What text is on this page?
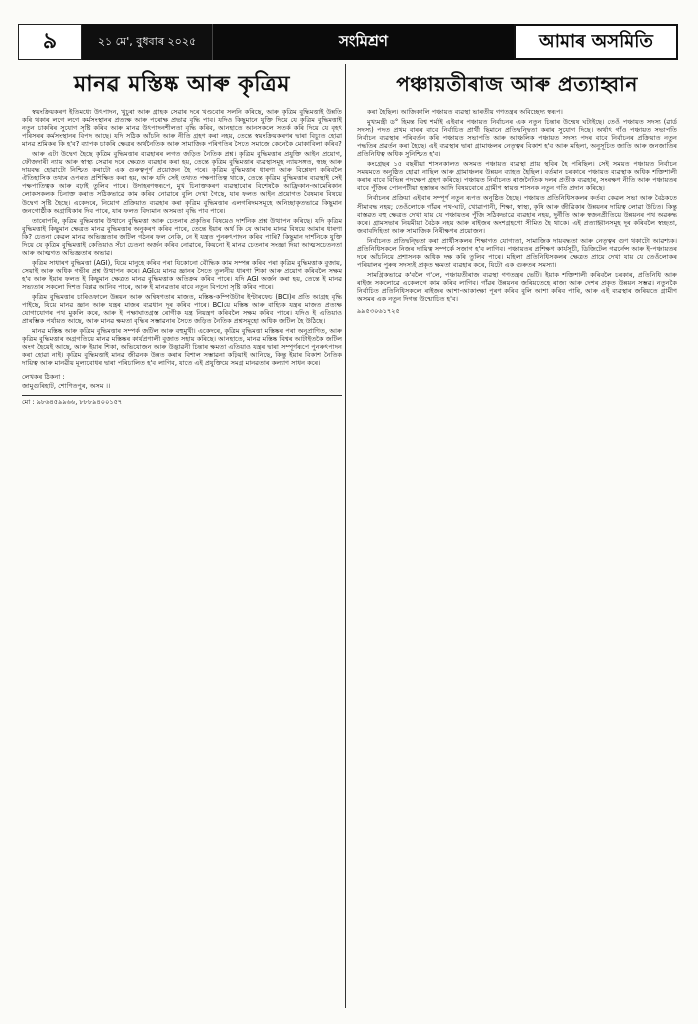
৯	২১ মে', বুধবাৰ ২০২৫	সংমিশ্ৰণ	আমাৰ অসমিতি
মানৱ মস্তিষ্ক আৰু কৃত্ৰিম

স্বয়ংক্ৰিয়কৰণ ইতিমধ্যে উৎপাদন, খুচুৰা আৰু গ্ৰাহক সেৱাৰ দৰে খণ্ডবোৰ সলনি কৰিছে, আৰু কৃত্ৰিম বুদ্ধিমত্তাই উন্নতি কৰি থকাৰ লগে লগে কৰ্মসংস্থানৰ প্ৰত্যক্ষ আৰু পৰোক্ষ প্ৰভাৱ বৃদ্ধি পাব। যদিও কিছুমানে যুক্তি দিয়ে যে কৃত্ৰিম বুদ্ধিমত্তাই নতুন চাকৰিৰ সুযোগ সৃষ্টি কৰিব আৰু মানৱ উৎপাদনশীলতা বৃদ্ধি কৰিব, আনহাতে আনসকলে সতৰ্ক কৰি দিয়ে যে বৃহৎ পৰিসৰৰ কৰ্মসংস্থানৰ বিপদ আছে। যদি সঠিক আঁচনি আৰু নীতি গ্ৰহণ কৰা নহয়, তেন্তে স্বয়ংক্ৰিয়কৰণৰ দ্বাৰা বিচ্যুত হোৱা মানৱ শ্ৰমিকৰ কি হ'ব? ব্যাপক চাকৰি ক্ষেত্ৰৰ অৰ্থনৈতিক আৰু সামাজিক পৰিণতিৰ সৈতে সমাজে কেনেকৈ মোকাবিলা কৰিব?

আৰু এটা উদ্বেগ হৈছে কৃত্ৰিম বুদ্ধিমত্তাৰ ব্যৱহাৰৰ লগত জড়িত নৈতিক প্ৰশ্ন। কৃত্ৰিম বুদ্ধিমত্তাৰ প্ৰযুক্তি আইন প্ৰয়োগ, ফৌজদাৰী ন্যায় আৰু স্বাস্থ্য সেৱাৰ দৰে ক্ষেত্ৰত ব্যৱহাৰ কৰা হয়, তেন্তে কৃত্ৰিম বুদ্ধিমত্তাৰ ব্যৱস্থাসমূহ ন্যায়সঙ্গত, স্বচ্ছ আৰু দায়বদ্ধ হোৱাটো নিশ্চিত কৰাটো এক গুৰুত্বপূৰ্ণ প্ৰয়োজন হৈ পৰে। কৃত্ৰিম বুদ্ধিমত্তাৰ ধাৰণা আৰু বিশ্লেষণ কৰিবলৈ ঐতিহাসিক তথ্যৰ ওপৰত প্ৰশিক্ষিত কৰা হয়, আৰু যদি সেই তথ্যত পক্ষপাতিত্ব থাকে, তেন্তে কৃত্ৰিম বুদ্ধিমত্তাৰ ব্যৱস্থাই সেই পক্ষপাতিত্বক আৰু বঢ়াই তুলিব পাৰে। উদাহৰণস্বৰূপে, মুখ চিনাক্তকৰণ ব্যৱস্থাবোৰ বিশেষকৈ আফ্ৰিকান-আমেৰিকান লোকসকলক চিনাক্ত কৰাত সঠিকভাৱে কাম কৰিব নোৱাৰে বুলি দেখা গৈছে, যাৰ ফলত আইন প্ৰয়োগত বৈষম্যৰ বিষয়ে উদ্বেগ সৃষ্টি হৈছে। একেদৰে, নিয়োগ প্ৰক্ৰিয়াত ব্যৱহাৰ কৰা কৃত্ৰিম বুদ্ধিমত্তাৰ এলগৰিদমসমূহে অনিচ্ছাকৃতভাৱে কিছুমান জনগোষ্ঠীক অগ্ৰাধিকাৰ দিব পাৰে, যাৰ ফলত বিদ্যমান অসমতা বৃদ্ধি পাব পাৰে।

তাৰোপৰি, কৃত্ৰিম বুদ্ধিমত্তাৰ উত্থানে বুদ্ধিমত্তা আৰু চেতনাৰ প্ৰকৃতিৰ বিষয়েও দাৰ্শনিক প্ৰশ্ন উত্থাপন কৰিছে। যদি কৃত্ৰিম বুদ্ধিমত্তাই কিছুমান ক্ষেত্ৰত মানৱ বুদ্ধিমত্তাৰ অনুকৰণ কৰিব পাৰে, তেন্তে ইয়াৰ অৰ্থ কি যে আমাৰ মানৱ বিষয়ে আমাৰ ধাৰণা কি? চেতনা কেৱল মানৱ অভিজ্ঞতাৰ জটিল গঠনৰ ফল নেকি, নে ই যন্ত্ৰত পুনৰুৎপাদন কৰিব পাৰি? কিছুমান দাৰ্শনিকে যুক্তি দিয়ে যে কৃত্ৰিম বুদ্ধিমত্তাই কেতিয়াও সঁচা চেতনা অৰ্জন কৰিব নোৱাৰে, কিয়নো ই মানৱ চেতনাৰ সংজ্ঞা দিয়া আত্মসচেতনতা আৰু আত্মগত অভিজ্ঞতাৰ অভাৱ।

কৃত্ৰিম সাধাৰণ বুদ্ধিমত্তা (AGI), যিয়ে মানুহে কৰিব পৰা যিকোনো বৌদ্ধিক কাম সম্পন্ন কৰিব পৰা কৃত্ৰিম বুদ্ধিমত্তাক বুজায়, সেয়াই আৰু অধিক গভীৰ প্ৰশ্ন উত্থাপন কৰে। AGIয়ে মানৱ জ্ঞানৰ সৈতে তুলনীয় ধাৰণা শিকা আৰু প্ৰয়োগ কৰিবলৈ সক্ষম হ'ব আৰু ইয়াৰ ফলত ই কিছুমান ক্ষেত্ৰত মানৱ বুদ্ধিমত্তাক অতিক্ৰম কৰিব পাৰে। যদি AGI অৰ্জন কৰা হয়, তেন্তে ই মানৱ সভ্যতাৰ সকলো দিশত বিপ্লৱ আনিব পাৰে, আৰু ই মানৱতাৰ বাবে নতুন বিপদো সৃষ্টি কৰিব পাৰে।

কৃত্ৰিম বুদ্ধিমত্তাৰ চাৰিওফালে উন্নয়ন আৰু অন্বিষণতাৰ মাজত, মস্তিষ্ক-কম্পিউটাৰ ইণ্টাৰফেচ (BCI)ৰ প্ৰতি আগ্ৰহ বৃদ্ধি পাইছে, যিয়ে মানৱ জ্ঞান আৰু যন্ত্ৰৰ মাজৰ ব্যৱধান দূৰ কৰিব পাৰে। BCIয়ে মস্তিষ্ক আৰু বাহ্যিক যন্ত্ৰৰ মাজত প্ৰত্যক্ষ যোগাযোগৰ পথ মুকলি কৰে, আৰু ই পক্ষাঘাতগ্ৰস্ত ৰোগীক যন্ত্ৰ নিয়ন্ত্ৰণ কৰিবলৈ সক্ষম কৰিব পাৰে। যদিও ই এতিয়াও প্ৰাৰম্ভিক পৰ্যায়ত আছে, আৰু মানৱ ক্ষমতা বৃদ্ধিৰ সম্ভাৱনাৰ সৈতে জড়িত নৈতিক প্ৰশ্নসমূহো অধিক জটিল হৈ উঠিছে।

মানৱ মস্তিষ্ক আৰু কৃত্ৰিম বুদ্ধিমত্তাৰ সম্পৰ্ক জটিল আৰু বহুমুখী। একেদৰে, কৃত্ৰিম বুদ্ধিমত্তা মস্তিষ্কৰ পৰা অনুপ্ৰাণিত, আৰু কৃত্ৰিম বুদ্ধিমত্তাৰ অগ্ৰগতিয়ে মানৱ মস্তিষ্কৰ কাৰ্যপ্ৰণালী বুজাত সহায় কৰিছে। আনহাতে, মানৱ মস্তিষ্ক বিশ্বৰ আটাইতকৈ জটিল অংগ হৈয়েই আছে, আৰু ইয়াৰ শিকা, অভিযোজন আৰু উদ্ভাৱনী চিন্তাৰ ক্ষমতা এতিয়াও যন্ত্ৰৰ দ্বাৰা সম্পূৰ্ণৰূপে পুনৰুৎপাদন কৰা হোৱা নাই। কৃত্ৰিম বুদ্ধিমত্তাই মানৱ জীৱনক উন্নত কৰাৰ বিশাল সম্ভাৱনা কঢ়িয়াই আনিছে, কিন্তু ইয়াৰ বিকাশ নৈতিক দায়িত্ব আৰু মানৱীয় মূল্যবোধৰ দ্বাৰা পৰিচালিত হ'ব লাগিব, যাতে এই প্ৰযুক্তিয়ে সমগ্ৰ মানৱতাৰ কল্যাণ সাধন কৰে।

লেখকৰ ঠিকনা :
জামুগুৰিহাট, শোণিতপুৰ, অসম ।।
মো : ৯৮৬৪৫৯৯৬৬, ৮৮৮৯৪০০১৫৭
পঞ্চায়তীৰাজ আৰু প্ৰত্যাহ্বান

কৰা হৈছিল। আজিকালি পঞ্চায়ত ব্যৱস্থা ভাৰতীয় গণতন্ত্ৰৰ অবিচ্ছেদ্য স্বৰূপ।

মুখ্যমন্ত্ৰী ড° হিমন্ত বিশ্ব শৰ্মাই এইবাৰ পঞ্চায়ত নিৰ্বাচনৰ এক নতুন চিন্তাৰ উন্মেষ ঘটাইছে। তেওঁ পঞ্চায়ত সদস্য (ৱাৰ্ড সদস্য) পদত প্ৰথম বাৰৰ বাবে নিৰ্বাচিত প্ৰাৰ্থী ছিমানে প্ৰতিদ্বন্দ্বিতা কৰাৰ সুযোগ দিছে। অৰ্থাৎ গাঁও পঞ্চায়ত সভাপতি নিৰ্বাচন ব্যৱস্থাৰ পৰিবৰ্তন কৰি পঞ্চায়ত সভাপতি আৰু আঞ্চলিক পঞ্চায়ত সদস্য পদৰ বাবে নিৰ্বাচনৰ প্ৰক্ৰিয়াত নতুন পদ্ধতিৰ প্ৰৱৰ্তন কৰা হৈছে। এই ব্যৱস্থাৰ দ্বাৰা গ্ৰামাঞ্চলৰ নেতৃত্বৰ বিকাশ হ'ব আৰু মহিলা, অনুসূচিত জাতি আৰু জনজাতিৰ প্ৰতিনিধিত্ব অধিক সুনিশ্চিত হ'ব।

কংগ্ৰেছৰ ১৫ বছৰীয়া শাসনকালত অসমত পঞ্চায়ত ব্যৱস্থা প্ৰায় স্থবিৰ হৈ পৰিছিল। সেই সময়ত পঞ্চায়ত নিৰ্বাচন সময়মতে অনুষ্ঠিত হোৱা নাছিল আৰু গ্ৰামাঞ্চলৰ উন্নয়ন ব্যাহত হৈছিল। বৰ্তমান চৰকাৰে পঞ্চায়ত ব্যৱস্থাক অধিক শক্তিশালী কৰাৰ বাবে বিভিন্ন পদক্ষেপ গ্ৰহণ কৰিছে। পঞ্চায়ত নিৰ্বাচনত ৰাজনৈতিক দলৰ প্ৰতীক ব্যৱহাৰ, সংৰক্ষণ নীতি আৰু পঞ্চায়তৰ বাবে পুঁজিৰ পোনপটীয়া হস্তান্তৰ আদি বিষয়বোৰে গ্ৰামীণ স্বায়ত্ত শাসনক নতুন গতি প্ৰদান কৰিছে।

নিৰ্বাচনৰ প্ৰক্ৰিয়া এইবাৰ সম্পূৰ্ণ নতুন ৰূপত অনুষ্ঠিত হৈছে। পঞ্চায়ত প্ৰতিনিধিসকলৰ কৰ্তব্য কেৱল সভা আৰু বৈঠকতে সীমাবদ্ধ নহয়; তেওঁলোকে গাঁৱৰ পথ-ঘাট, খোৱাপানী, শিক্ষা, স্বাস্থ্য, কৃষি আৰু জীৱিকাৰ উন্নয়নৰ দায়িত্ব লোৱা উচিত। কিন্তু বাস্তৱত বহু ক্ষেত্ৰত দেখা যায় যে পঞ্চায়তৰ পুঁজি সঠিকভাৱে ব্যৱহাৰ নহয়, দুৰ্নীতি আৰু স্বজনপ্ৰীতিয়ে উন্নয়নৰ পথ অৱৰুদ্ধ কৰে। গ্ৰামসভাৰ নিয়মীয়া বৈঠক নহয় আৰু ৰাইজৰ অংশগ্ৰহণো সীমিত হৈ থাকে। এই প্ৰত্যাহ্বানসমূহ দূৰ কৰিবলৈ স্বচ্ছতা, জবাবদিহিতা আৰু সামাজিক নিৰীক্ষণৰ প্ৰয়োজন।

নিৰ্বাচনত প্ৰতিদ্বন্দ্বিতা কৰা প্ৰাৰ্থীসকলৰ শিক্ষাগত যোগ্যতা, সামাজিক দায়বদ্ধতা আৰু নেতৃত্বৰ গুণ থকাটো আৱশ্যক। প্ৰতিনিধিসকলে নিজৰ দায়িত্ব সম্পৰ্কে সজাগ হ'ব লাগিব। পঞ্চায়তৰ প্ৰশিক্ষণ কাৰ্যসূচী, ডিজিটেল গৱৰ্নেন্স আৰু ই-পঞ্চায়তৰ দৰে আঁচনিয়ে প্ৰশাসনক অধিক দক্ষ কৰি তুলিব পাৰে। মহিলা প্ৰতিনিধিসকলৰ ক্ষেত্ৰত প্ৰায়ে দেখা যায় যে তেওঁলোকৰ পৰিয়ালৰ পুৰুষ সদস্যই প্ৰকৃত ক্ষমতা ব্যৱহাৰ কৰে, যিটো এক গুৰুতৰ সমস্যা।

সামগ্ৰিকভাৱে ক'বলৈ গ'লে, পঞ্চায়তীৰাজ ব্যৱস্থা গণতন্ত্ৰৰ ভেটি। ইয়াক শক্তিশালী কৰিবলৈ চৰকাৰ, প্ৰতিনিধি আৰু ৰাইজ সকলোৱে একেলগে কাম কৰিব লাগিব। গাঁৱৰ উন্নয়নৰ জৰিয়তেহে ৰাজ্য আৰু দেশৰ প্ৰকৃত উন্নয়ন সম্ভৱ। নতুনকৈ নিৰ্বাচিত প্ৰতিনিধিসকলে ৰাইজৰ আশা-আকাংক্ষা পূৰণ কৰিব বুলি আশা কৰিব পাৰি, আৰু এই ব্যৱস্থাৰ জৰিয়তে গ্ৰামীণ অসমৰ এক নতুন দিগন্ত উন্মোচিত হ'ব।

৯৯৫৩০৬১৭২৫
